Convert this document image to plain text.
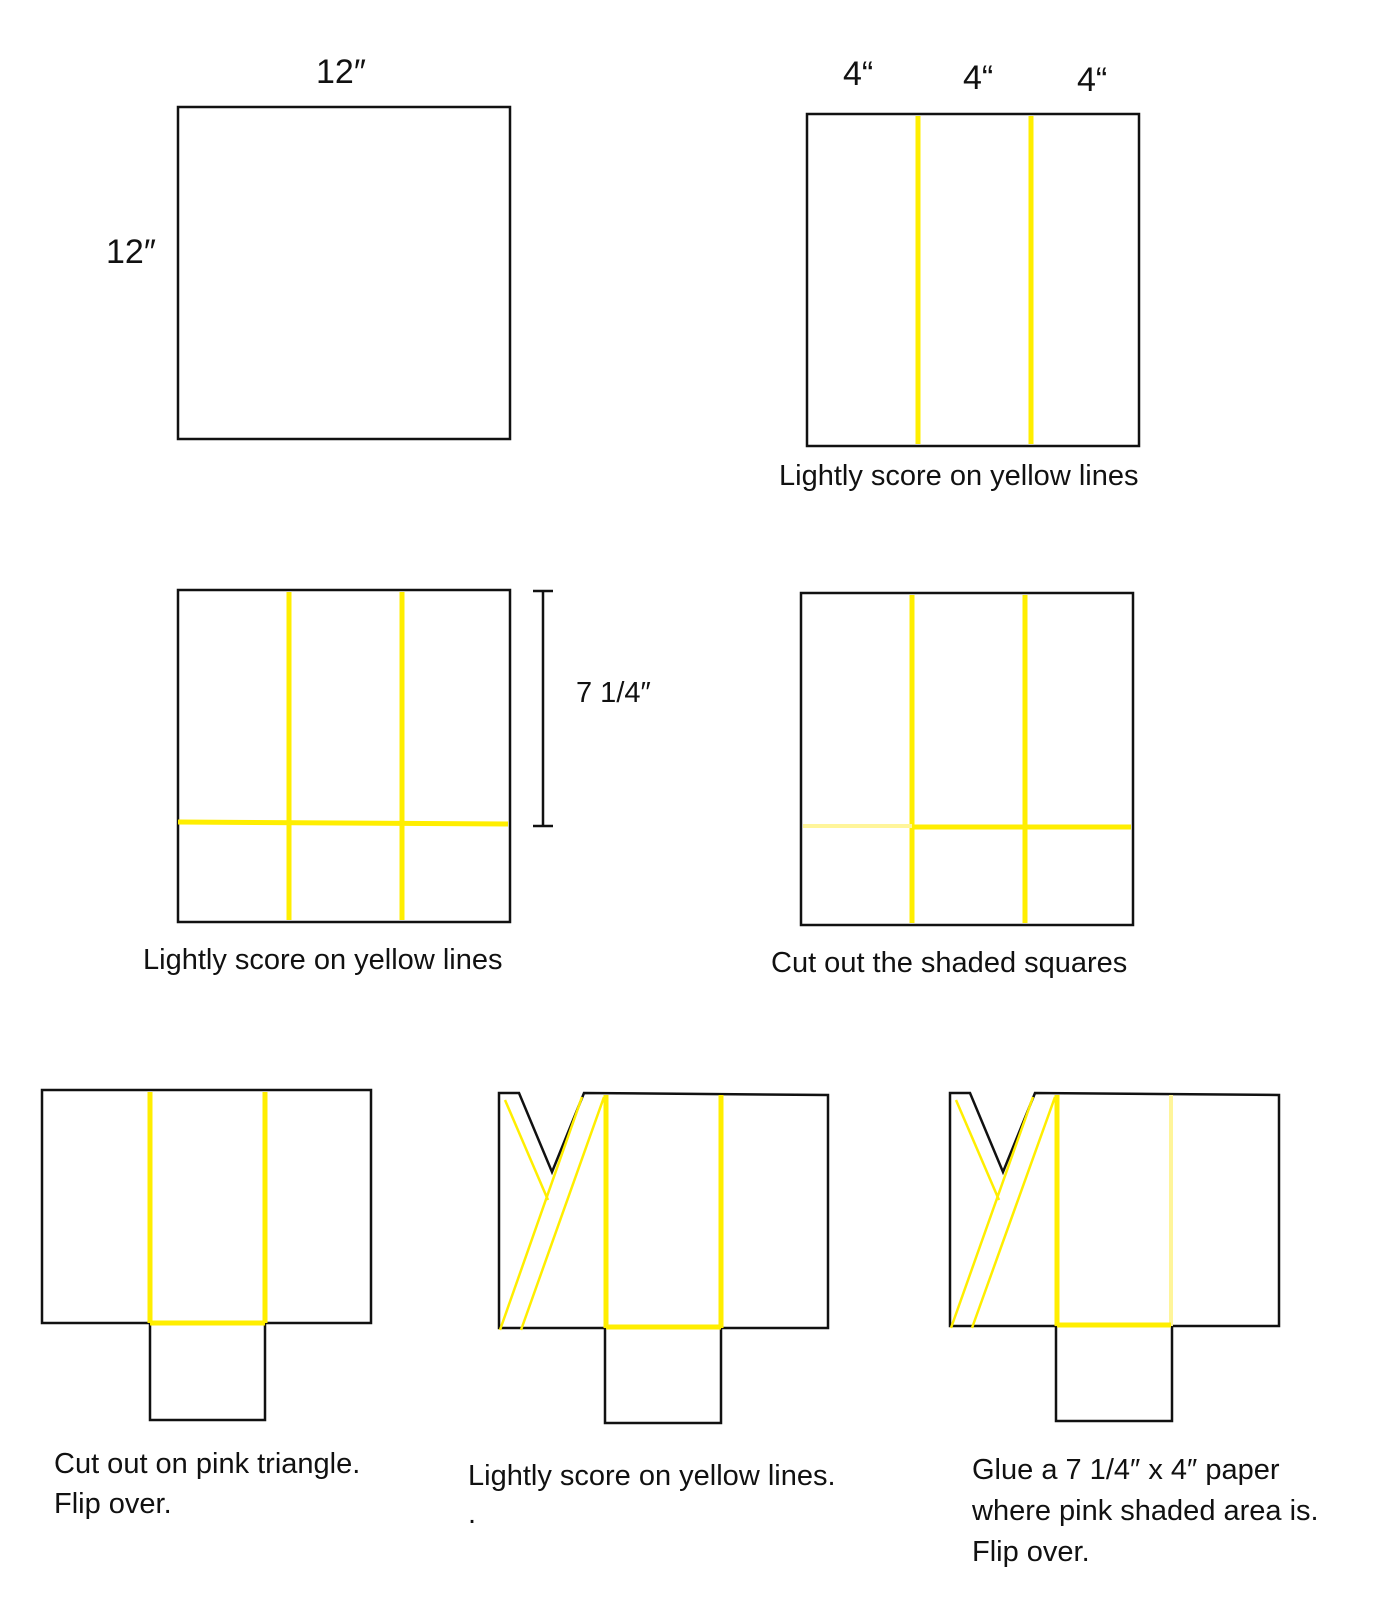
12″
12″
4“	4“ 4“
Lightly score on yellow lines
7 1/4″
Lightly score on yellow lines	Cut out the shaded squares
Cut out on pink triangle.
Flip over.
Lightly score on yellow lines.
.
Glue a 7 1/4″ x 4″ paper
where pink shaded area is.
Flip over.
